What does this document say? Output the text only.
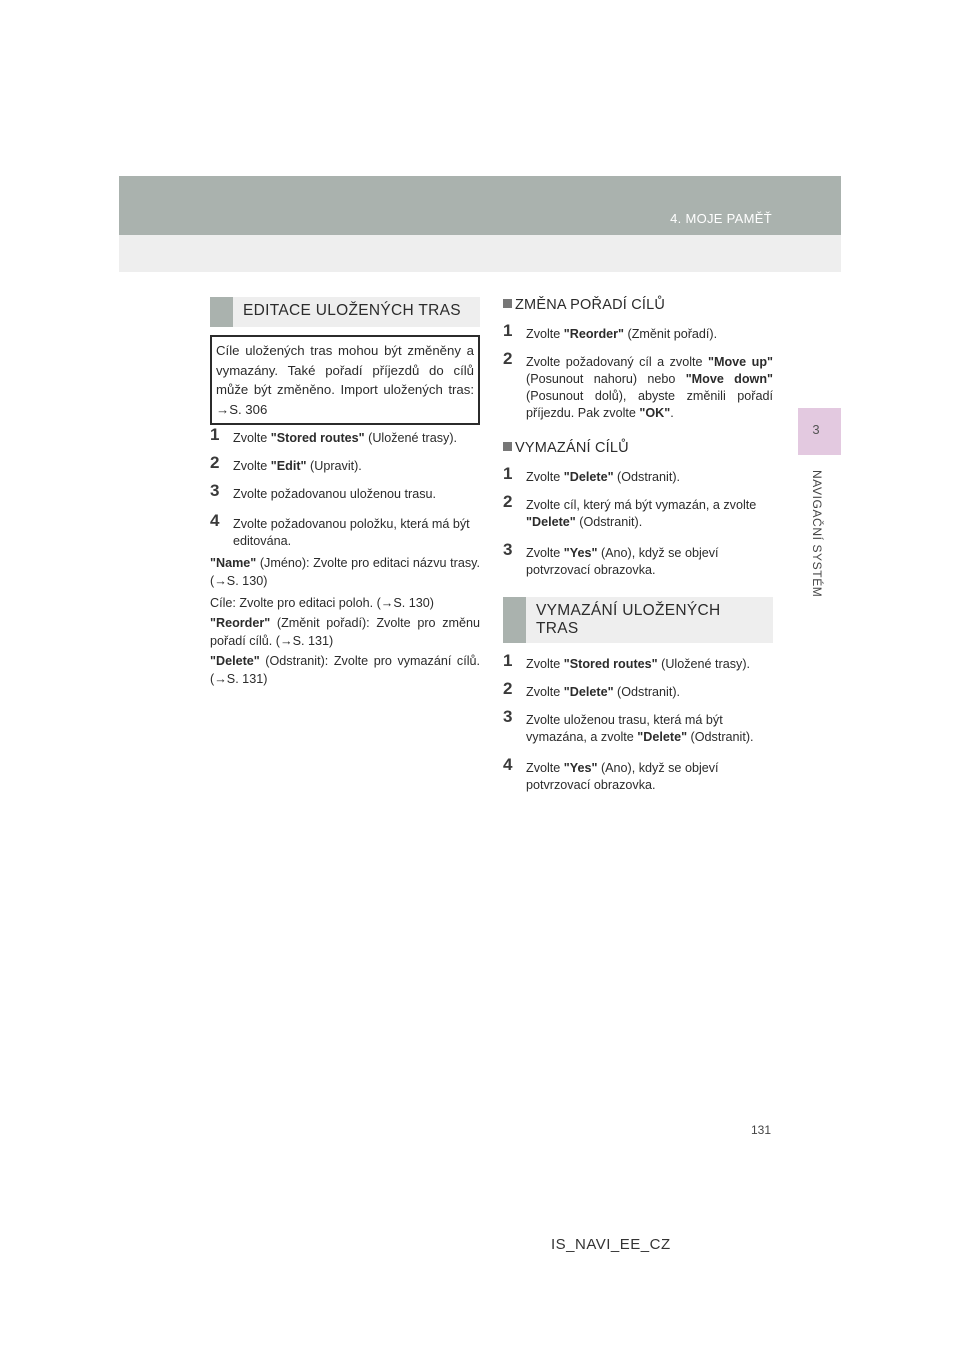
4. MOJE PAMĚŤ
3
NAVIGAČNÍ SYSTÉM
EDITACE ULOŽENÝCH TRAS
Cíle uložených tras mohou být změněny a vymazány. Také pořadí příjezdů do cílů může být změněno. Import uložených tras: →S. 306
1 Zvolte "Stored routes" (Uložené trasy).
2 Zvolte "Edit" (Upravit).
3 Zvolte požadovanou uloženou trasu.
4 Zvolte požadovanou položku, která má být editována.
"Name" (Jméno): Zvolte pro editaci názvu trasy. (→S. 130)
Cíle: Zvolte pro editaci poloh. (→S. 130)
"Reorder" (Změnit pořadí): Zvolte pro změnu pořadí cílů. (→S. 131)
"Delete" (Odstranit): Zvolte pro vymazání cílů. (→S. 131)
ZMĚNA POŘADÍ CÍLŮ
1 Zvolte "Reorder" (Změnit pořadí).
2 Zvolte požadovaný cíl a zvolte "Move up" (Posunout nahoru) nebo "Move down" (Posunout dolů), abyste změnili pořadí příjezdu. Pak zvolte "OK".
VYMAZÁNÍ CÍLŮ
1 Zvolte "Delete" (Odstranit).
2 Zvolte cíl, který má být vymazán, a zvolte "Delete" (Odstranit).
3 Zvolte "Yes" (Ano), když se objeví potvrzovací obrazovka.
VYMAZÁNÍ ULOŽENÝCH TRAS
1 Zvolte "Stored routes" (Uložené trasy).
2 Zvolte "Delete" (Odstranit).
3 Zvolte uloženou trasu, která má být vymazána, a zvolte "Delete" (Odstranit).
4 Zvolte "Yes" (Ano), když se objeví potvrzovací obrazovka.
131
IS_NAVI_EE_CZ
